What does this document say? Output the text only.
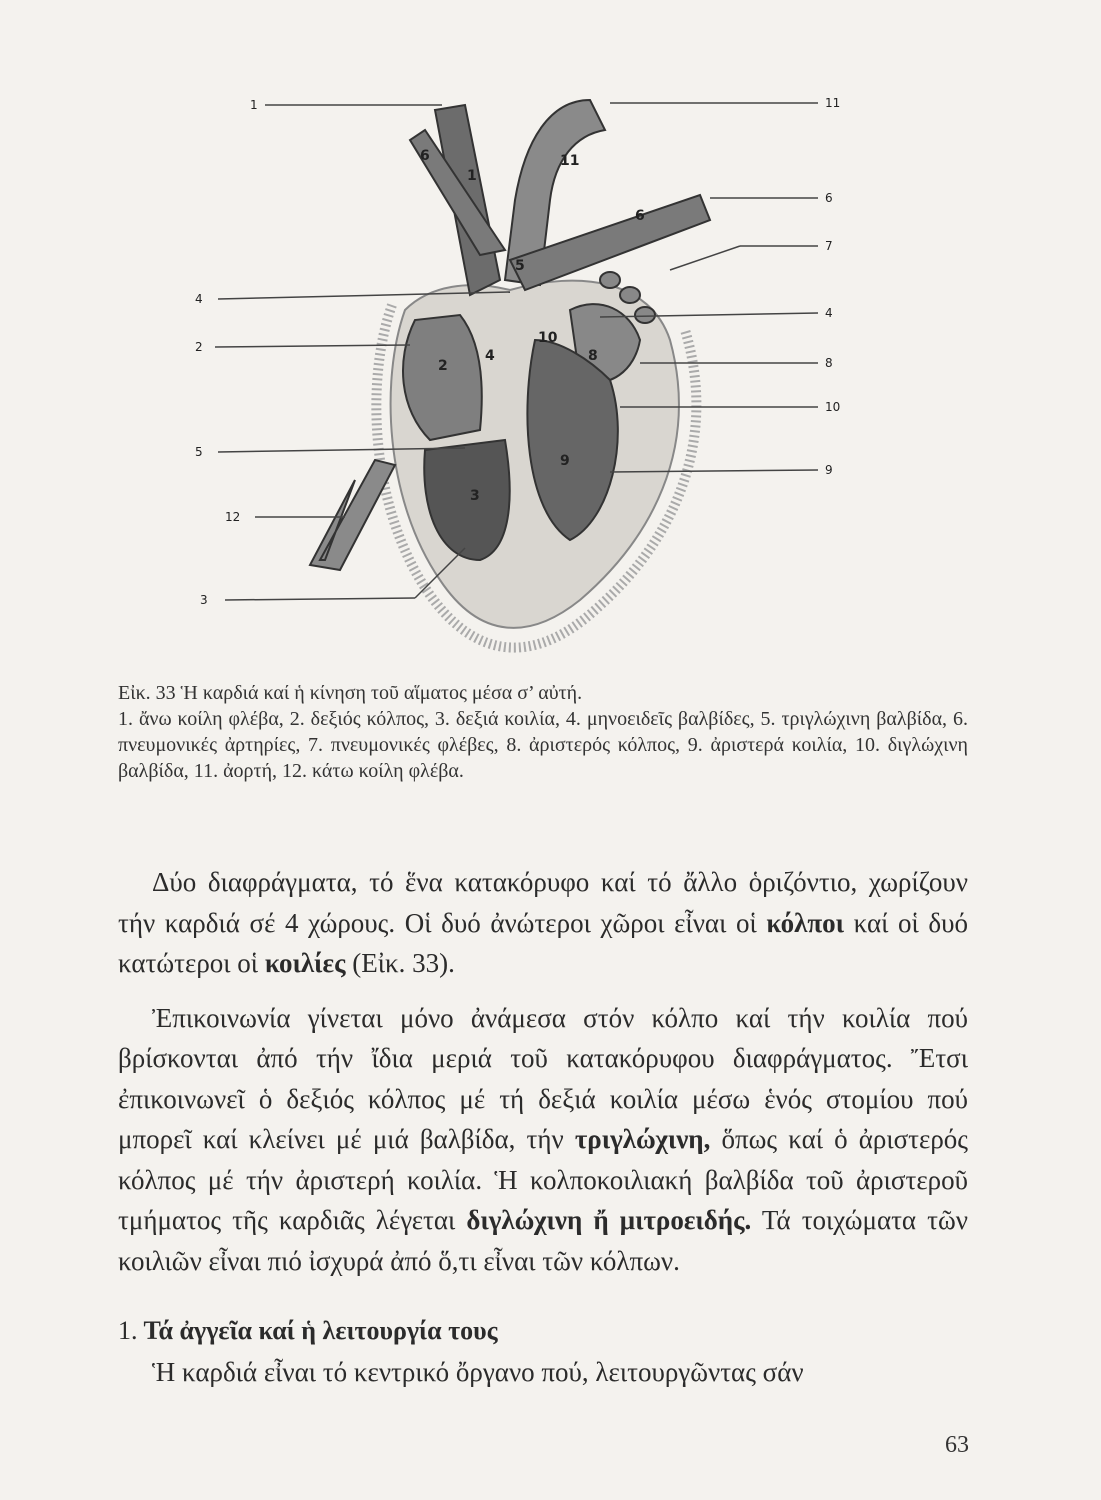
1
11
6
5
2
4
10
8
3
9
6
1
4
2
5
12
3
11
6
7
4
8
10
9
Εἰκ. 33 Ἡ καρδιά καί ἡ κίνηση τοῦ αἵματος μέσα σ’ αὐτή.
1. ἄνω κοίλη φλέβα, 2. δεξιός κόλπος, 3. δεξιά κοιλία, 4. μηνοειδεῖς βαλβίδες, 5. τριγλώχινη βαλβίδα, 6. πνευμονικές ἀρτηρίες, 7. πνευμονικές φλέβες, 8. ἀριστερός κόλπος, 9. ἀριστερά κοιλία, 10. διγλώχινη βαλβίδα, 11. ἀορτή, 12. κάτω κοίλη φλέβα.

Δύο διαφράγματα, τό ἕνα κατακόρυφο καί τό ἄλλο ὁριζόντιο, χωρίζουν τήν καρδιά σέ 4 χώρους. Οἱ δυό ἀνώτεροι χῶροι εἶναι οἱ κόλποι καί οἱ δυό κατώτεροι οἱ κοιλίες (Εἰκ. 33).

Ἐπικοινωνία γίνεται μόνο ἀνάμεσα στόν κόλπο καί τήν κοιλία πού βρίσκονται ἀπό τήν ἴδια μεριά τοῦ κατακόρυφου διαφράγματος. Ἔτσι ἐπικοινωνεῖ ὁ δεξιός κόλπος μέ τή δεξιά κοιλία μέσω ἑνός στομίου πού μπορεῖ καί κλείνει μέ μιά βαλβίδα, τήν τριγλώχινη, ὅπως καί ὁ ἀριστερός κόλπος μέ τήν ἀριστερή κοιλία. Ἡ κολποκοιλιακή βαλβίδα τοῦ ἀριστεροῦ τμήματος τῆς καρδιᾶς λέγεται διγλώχινη ἤ μιτροειδής. Τά τοιχώματα τῶν κοιλιῶν εἶναι πιό ἰσχυρά ἀπό ὅ,τι εἶναι τῶν κόλπων.

1. Τά ἀγγεῖα καί ἡ λειτουργία τους

Ἡ καρδιά εἶναι τό κεντρικό ὄργανο πού, λειτουργῶντας σάν

63
